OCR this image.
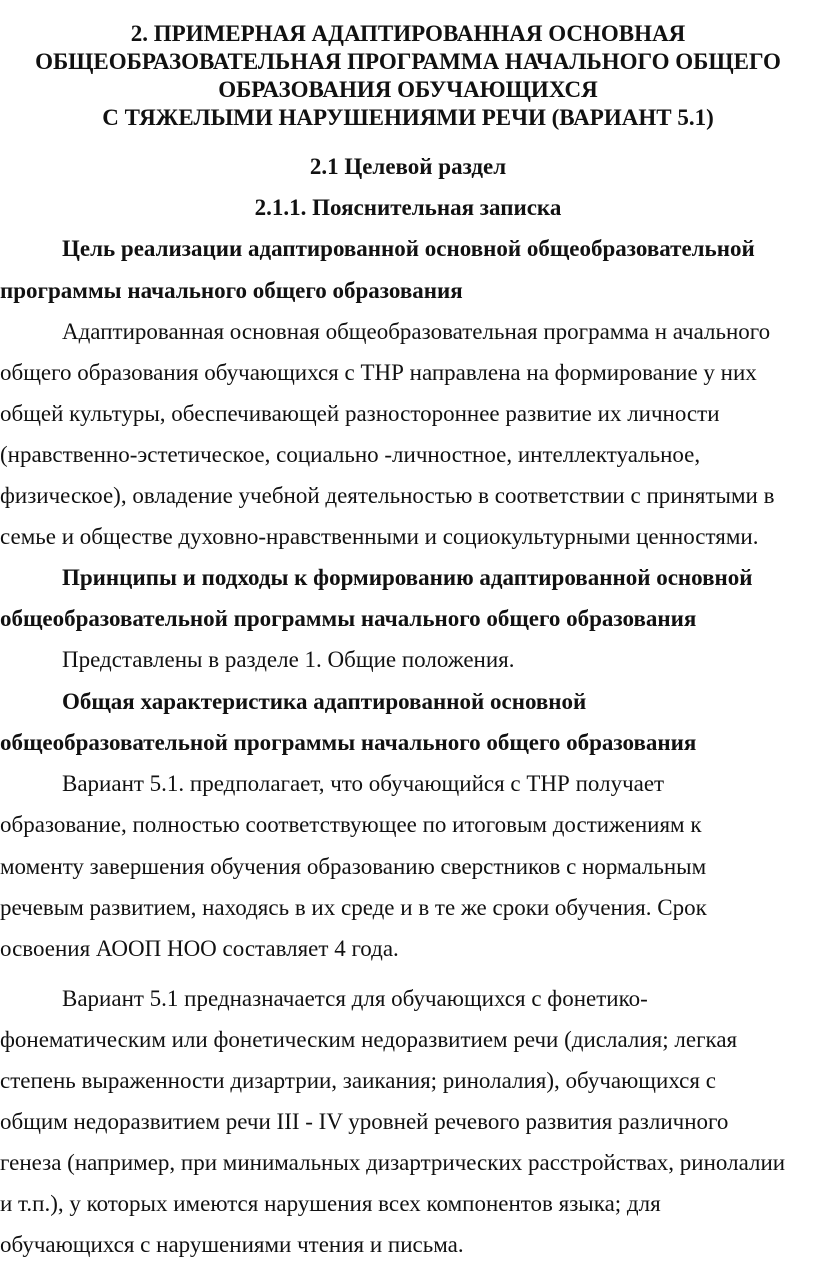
2. ПРИМЕРНАЯ АДАПТИРОВАННАЯ ОСНОВНАЯ
ОБЩЕОБРАЗОВАТЕЛЬНАЯ ПРОГРАММА НАЧАЛЬНОГО ОБЩЕГО
ОБРАЗОВАНИЯ ОБУЧАЮЩИХСЯ
С ТЯЖЕЛЫМИ НАРУШЕНИЯМИ РЕЧИ (ВАРИАНТ 5.1)
2.1 Целевой раздел
2.1.1. Пояснительная записка
Цель реализации адаптированной основной общеобразовательной
программы начального общего образования
Адаптированная основная общеобразовательная программа н ачального
общего образования обучающихся с ТНР направлена на формирование у них
общей культуры, обеспечивающей разностороннее развитие их личности
(нравственно-эстетическое, социально -личностное, интеллектуальное,
физическое), овладение учебной деятельностью в соответствии с принятыми в
семье и обществе духовно-нравственными и социокультурными ценностями.
Принципы и подходы к формированию адаптированной основной
общеобразовательной программы начального общего образования
Представлены в разделе 1. Общие положения.
Общая характеристика адаптированной основной
общеобразовательной программы начального общего образования
Вариант 5.1. предполагает, что обучающийся с ТНР получает
образование, полностью соответствующее по итоговым достижениям к
моменту завершения обучения образованию сверстников с нормальным
речевым развитием, находясь в их среде и в те же сроки обучения. Срок
освоения АООП НОО составляет 4 года.
Вариант 5.1 предназначается для обучающихся с фонетико-
фонематическим или фонетическим недоразвитием речи (дислалия; легкая
степень выраженности дизартрии, заикания; ринолалия), обучающихся с
общим недоразвитием речи III - IV уровней речевого развития различного
генеза (например, при минимальных дизартрических расстройствах, ринолалии
и т.п.), у которых имеются нарушения всех компонентов языка; для
обучающихся с нарушениями чтения и письма.
